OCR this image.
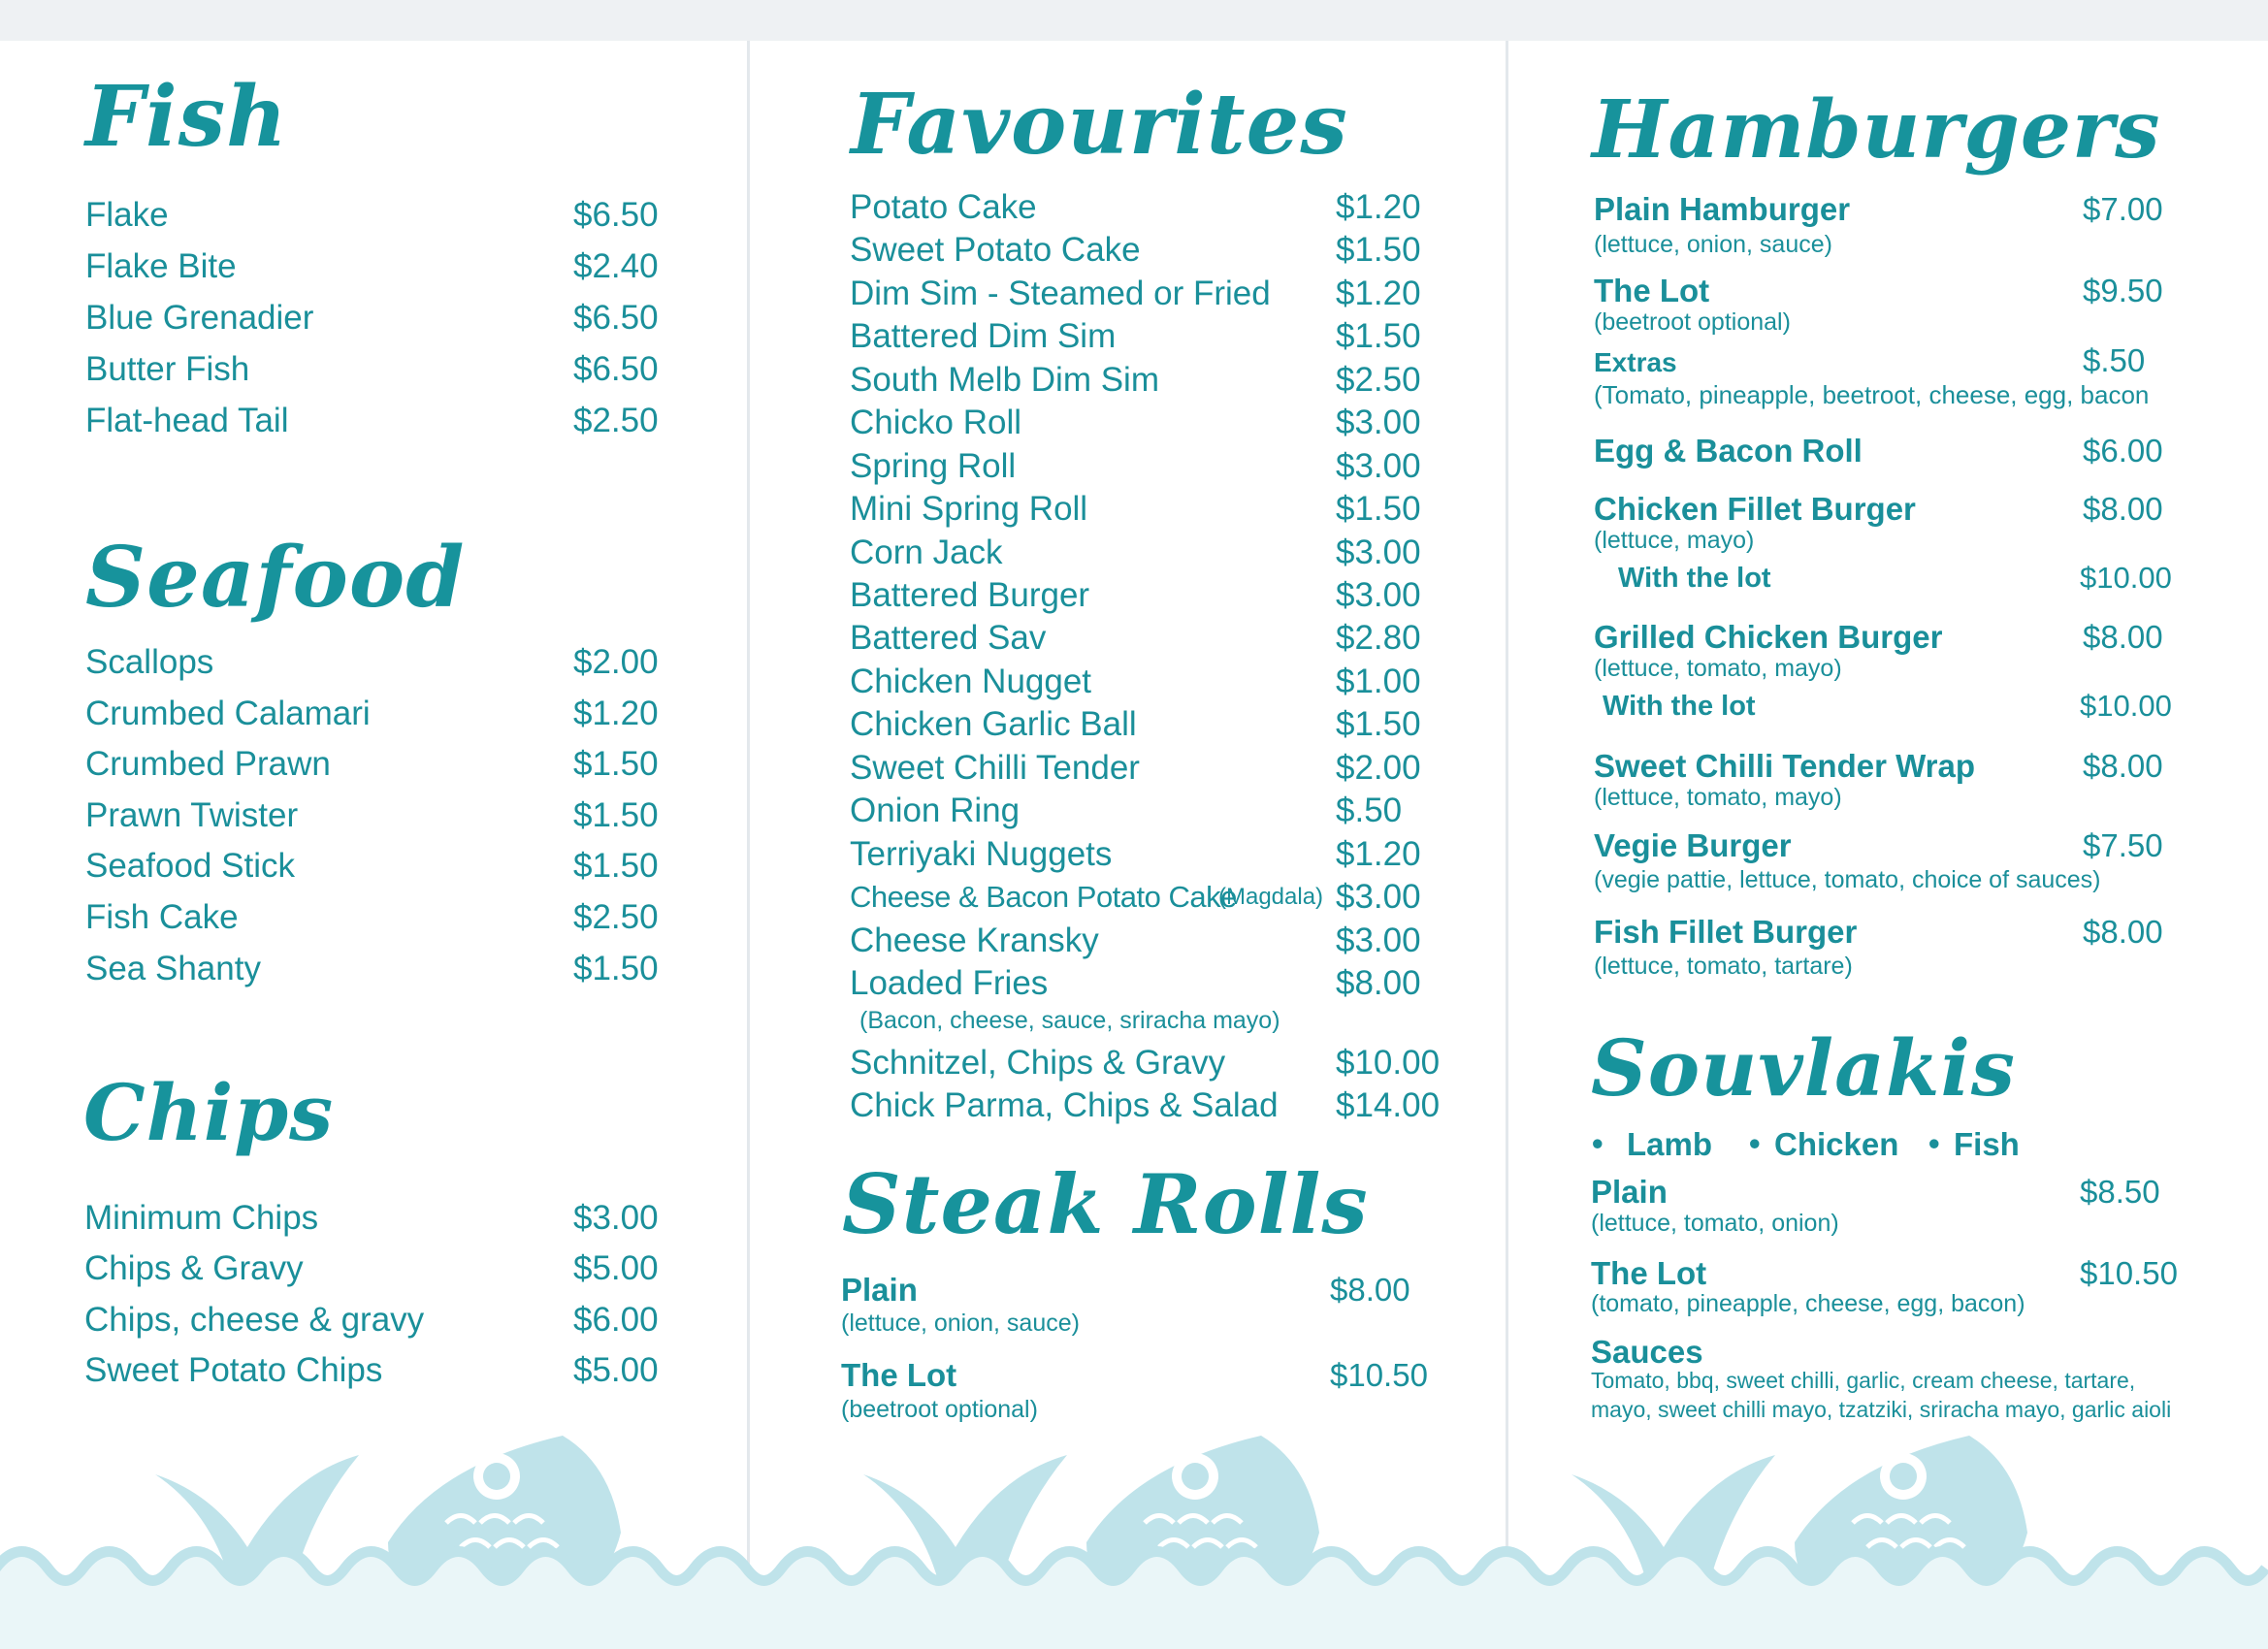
Fish
Flake	$6.50
Flake Bite	$2.40
Blue Grenadier	$6.50
Butter Fish	$6.50
Flat-head Tail	$2.50
Seafood
Scallops	$2.00
Crumbed Calamari	$1.20
Crumbed Prawn	$1.50
Prawn Twister	$1.50
Seafood Stick	$1.50
Fish Cake	$2.50
Sea Shanty	$1.50
Chips
Minimum Chips	$3.00
Chips & Gravy	$5.00
Chips, cheese & gravy	$6.00
Sweet Potato Chips	$5.00
Favourites
Potato Cake	$1.20
Sweet Potato Cake	$1.50
Dim Sim - Steamed or Fried $1.20
Battered Dim Sim	$1.50
South Melb Dim Sim	$2.50
Chicko Roll	$3.00
Spring Roll	$3.00
Mini Spring Roll	$1.50
Corn Jack	$3.00
Battered Burger	$3.00
Battered Sav	$2.80
Chicken Nugget	$1.00
Chicken Garlic Ball	$1.50
Sweet Chilli Tender	$2.00
Onion Ring	$.50
Terriyaki Nuggets	$1.20
Cheese & Bacon Potato Cake
(Magdala) $3.00
Cheese Kransky	$3.00
Loaded Fries	$8.00
(Bacon, cheese, sauce, sriracha mayo)
Schnitzel, Chips & Gravy	$10.00
Chick Parma, Chips & Salad $14.00
Steak Rolls
Plain	$8.00
(lettuce, onion, sauce)
The Lot	$10.50
(beetroot optional)
Hamburgers
Plain Hamburger	$7.00
(lettuce, onion, sauce)
The Lot	$9.50
(beetroot optional)
Extras	$.50
(Tomato, pineapple, beetroot, cheese, egg, bacon
Egg & Bacon Roll	$6.00
Chicken Fillet Burger	$8.00
(lettuce, mayo)
With the lot	$10.00
Grilled Chicken Burger	$8.00
(lettuce, tomato, mayo)
With the lot	$10.00
Sweet Chilli Tender Wrap	$8.00
(lettuce, tomato, mayo)
Vegie Burger	$7.50
(vegie pattie, lettuce, tomato, choice of sauces)
Fish Fillet Burger	$8.00
(lettuce, tomato, tartare)
Souvlakis
• Lamb • Chicken • Fish
Plain	$8.50
(lettuce, tomato, onion)
The Lot	$10.50
(tomato, pineapple, cheese, egg, bacon)
Sauces
Tomato, bbq, sweet chilli, garlic, cream cheese, tartare,
mayo, sweet chilli mayo, tzatziki, sriracha mayo, garlic aioli
